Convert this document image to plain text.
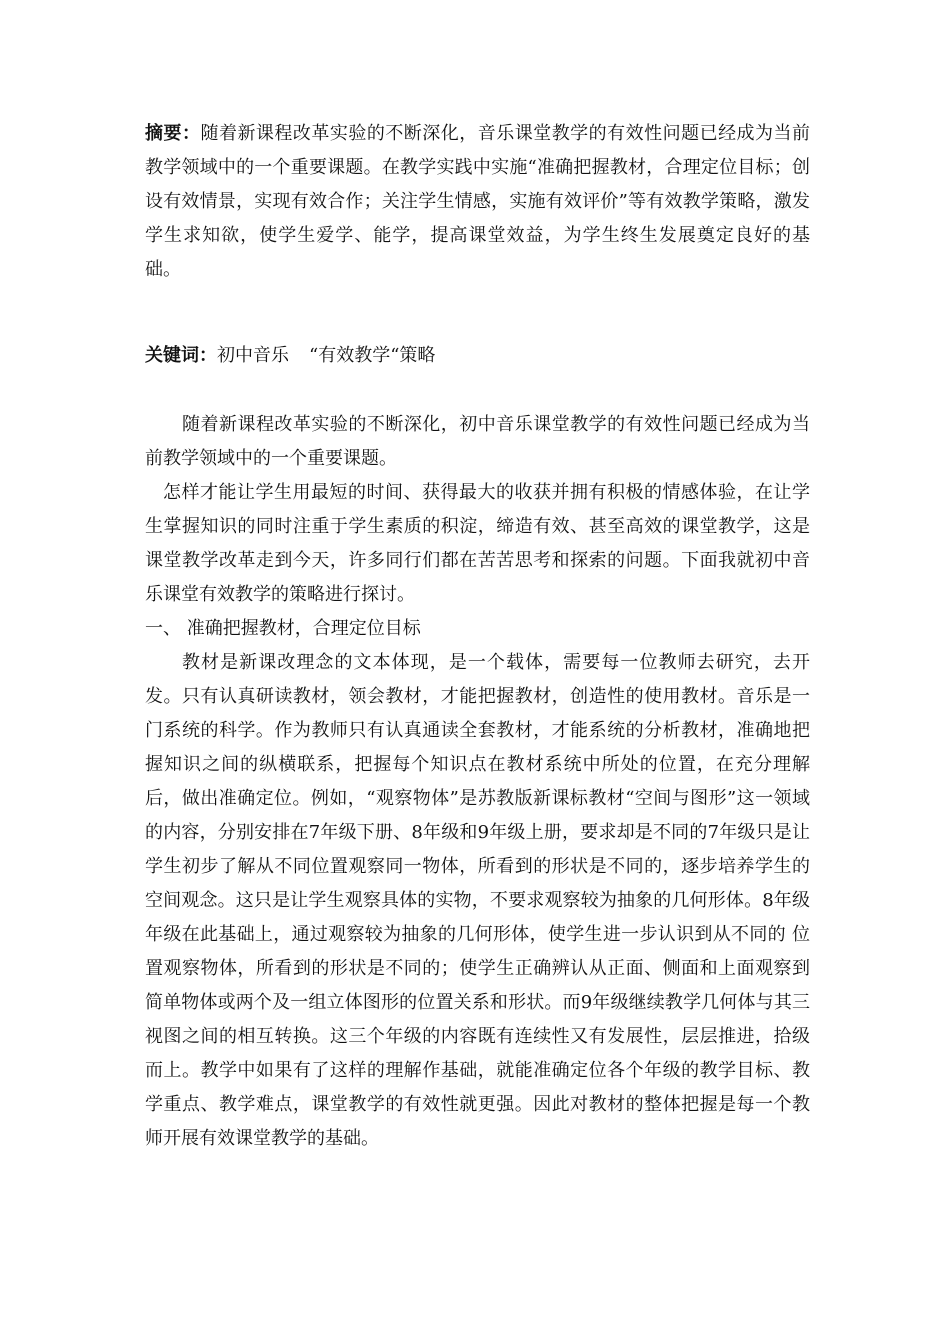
摘要：随着新课程改革实验的不断深化，音乐课堂教学的有效性问题已经成为当前教学领域中的一个重要课题。在教学实践中实施“准确把握教材，合理定位目标；创设有效情景，实现有效合作；关注学生情感，实施有效评价”等有效教学策略，激发学生求知欲，使学生爱学、能学，提高课堂效益，为学生终生发展奠定良好的基础。

关键词：初中音乐 “有效教学“策略

随着新课程改革实验的不断深化，初中音乐课堂教学的有效性问题已经成为当前教学领域中的一个重要课题。

怎样才能让学生用最短的时间、获得最大的收获并拥有积极的情感体验，在让学生掌握知识的同时注重于学生素质的积淀，缔造有效、甚至高效的课堂教学，这是课堂教学改革走到今天，许多同行们都在苦苦思考和探索的问题。下面我就初中音乐课堂有效教学的策略进行探讨。

一、 准确把握教材，合理定位目标

教材是新课改理念的文本体现，是一个载体，需要每一位教师去研究，去开发。只有认真研读教材，领会教材，才能把握教材，创造性的使用教材。音乐是一门系统的科学。作为教师只有认真通读全套教材，才能系统的分析教材，准确地把握知识之间的纵横联系，把握每个知识点在教材系统中所处的位置，在充分理解后，做出准确定位。例如，“观察物体”是苏教版新课标教材“空间与图形”这一领域的内容，分别安排在7年级下册、8年级和9年级上册，要求却是不同的7年级只是让学生初步了解从不同位置观察同一物体，所看到的形状是不同的，逐步培养学生的空间观念。这只是让学生观察具体的实物，不要求观察较为抽象的几何形体。8年级年级在此基础上，通过观察较为抽象的几何形体，使学生进一步认识到从不同的 位置观察物体，所看到的形状是不同的；使学生正确辨认从正面、侧面和上面观察到简单物体或两个及一组立体图形的位置关系和形状。而9年级继续教学几何体与其三视图之间的相互转换。这三个年级的内容既有连续性又有发展性，层层推进，拾级而上。教学中如果有了这样的理解作基础，就能准确定位各个年级的教学目标、教学重点、教学难点，课堂教学的有效性就更强。因此对教材的整体把握是每一个教师开展有效课堂教学的基础。
